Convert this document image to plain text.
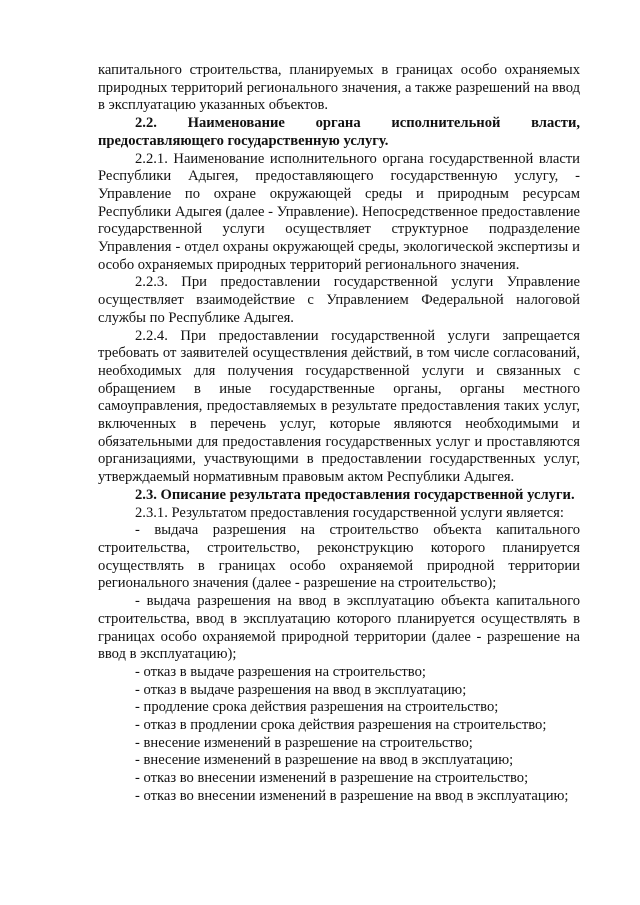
капитального строительства, планируемых в границах особо охраняемых природных территорий регионального значения, а также разрешений на ввод в эксплуатацию указанных объектов.

2.2. Наименование органа исполнительной власти, предоставляющего государственную услугу.

2.2.1. Наименование исполнительного органа государственной власти Республики Адыгея, предоставляющего государственную услугу, - Управление по охране окружающей среды и природным ресурсам Республики Адыгея (далее - Управление). Непосредственное предоставление государственной услуги осуществляет структурное подразделение Управления - отдел охраны окружающей среды, экологической экспертизы и особо охраняемых природных территорий регионального значения.

2.2.3. При предоставлении государственной услуги Управление осуществляет взаимодействие с Управлением Федеральной налоговой службы по Республике Адыгея.

2.2.4. При предоставлении государственной услуги запрещается требовать от заявителей осуществления действий, в том числе согласований, необходимых для получения государственной услуги и связанных с обращением в иные государственные органы, органы местного самоуправления, предоставляемых в результате предоставления таких услуг, включенных в перечень услуг, которые являются необходимыми и обязательными для предоставления государственных услуг и проставляются организациями, участвующими в предоставлении государственных услуг, утверждаемый нормативным правовым актом Республики Адыгея.

2.3. Описание результата предоставления государственной услуги.

2.3.1. Результатом предоставления государственной услуги является:

- выдача разрешения на строительство объекта капитального строительства, строительство, реконструкцию которого планируется осуществлять в границах особо охраняемой природной территории регионального значения (далее - разрешение на строительство);

- выдача разрешения на ввод в эксплуатацию объекта капитального строительства, ввод в эксплуатацию которого планируется осуществлять в границах особо охраняемой природной территории (далее - разрешение на ввод в эксплуатацию);

- отказ в выдаче разрешения на строительство;

- отказ в выдаче разрешения на ввод в эксплуатацию;

- продление срока действия разрешения на строительство;

- отказ в продлении срока действия разрешения на строительство;

- внесение изменений в разрешение на строительство;

- внесение изменений в разрешение на ввод в эксплуатацию;

- отказ во внесении изменений в разрешение на строительство;

- отказ во внесении изменений в разрешение на ввод в эксплуатацию;
